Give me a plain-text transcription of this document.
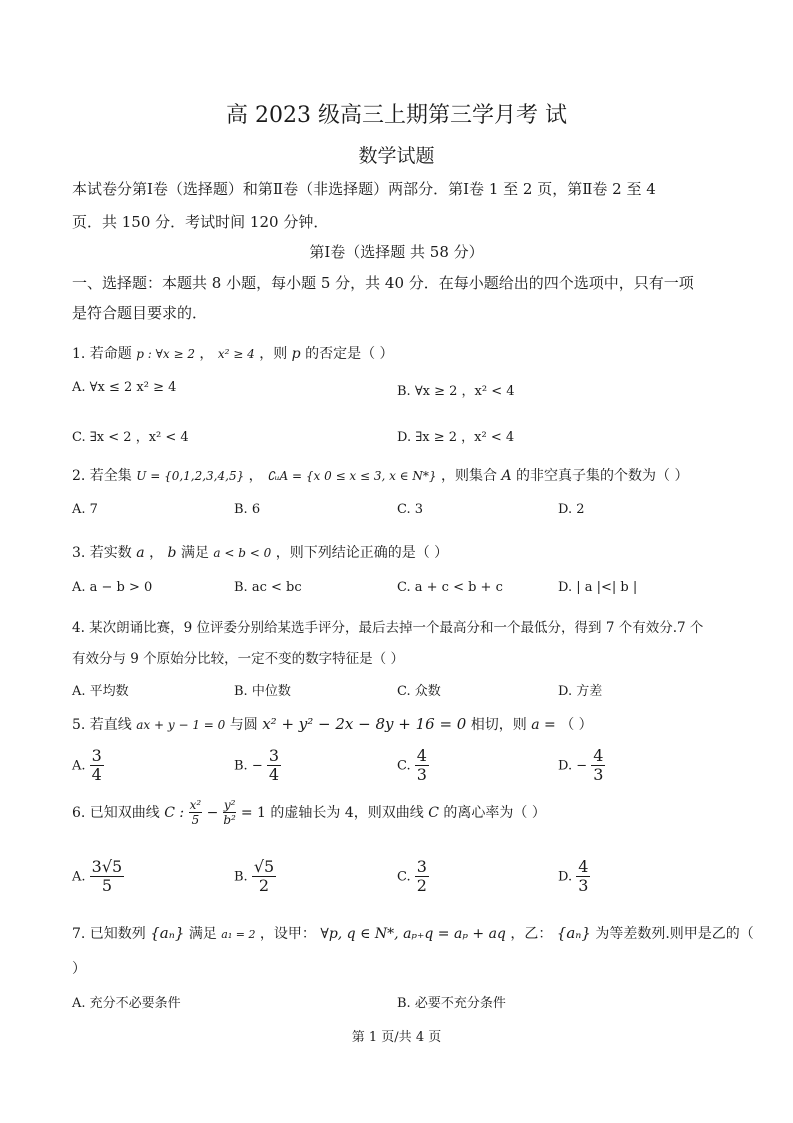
高 2023 级高三上期第三学月考 试
数学试题
本试卷分第Ⅰ卷（选择题）和第Ⅱ卷（非选择题）两部分．第Ⅰ卷 1 至 2 页，第Ⅱ卷 2 至 4
页．共 150 分．考试时间 120 分钟．
第Ⅰ卷（选择题 共 58 分）
一、选择题：本题共 8 小题，每小题 5 分，共 40 分．在每小题给出的四个选项中，只有一项
是符合题目要求的．
1. 若命题 p : ∀x ≥ 2 ， x² ≥ 4 ，则 p 的否定是（ ）
A. ∀x ≤ 2 x² ≥ 4	B. ∀x ≥ 2 ，x² < 4
C. ∃x < 2 ，x² < 4	D. ∃x ≥ 2 ，x² < 4
2. 若全集 U = {0,1,2,3,4,5} ， ∁ᵤA = {x 0 ≤ x ≤ 3, x ∈ N*} ，则集合 A 的非空真子集的个数为（ ）
A. 7	B. 6	C. 3	D. 2
3. 若实数 a ， b 满足 a < b < 0 ，则下列结论正确的是（ ）
A. a − b > 0	B. ac < bc	C. a + c < b + c	D. | a |<| b |
4. 某次朗诵比赛，9 位评委分别给某选手评分，最后去掉一个最高分和一个最低分，得到 7 个有效分.7 个
有效分与 9 个原始分比较，一定不变的数字特征是（ ）
A. 平均数	B. 中位数	C. 众数	D. 方差
5. 若直线 ax + y − 1 = 0 与圆 x² + y² − 2x − 8y + 16 = 0 相切，则 a = （ ）
A. $\frac{3}{4}$	B. − $\frac{3}{4}$	C. $\frac{4}{3}$	D. − $\frac{4}{3}$
6. 已知双曲线 C : $\frac{\text{x²}}{5} - \frac{\text{y²}}{\text{b²}} = 1$ 的虚轴长为 4，则双曲线 C 的离心率为（ ）
A. $\frac{3√5}{5}$	B. $\frac{√5}{2}$	C. $\frac{3}{2}$	D. $\frac{4}{3}$
7. 已知数列 {aₙ} 满足 a₁ = 2 ，设甲： ∀p, q ∈ N*, aₚ₊q = aₚ + aq ，乙： {aₙ} 为等差数列.则甲是乙的（
）
A. 充分不必要条件	B. 必要不充分条件
第 1 页/共 4 页
